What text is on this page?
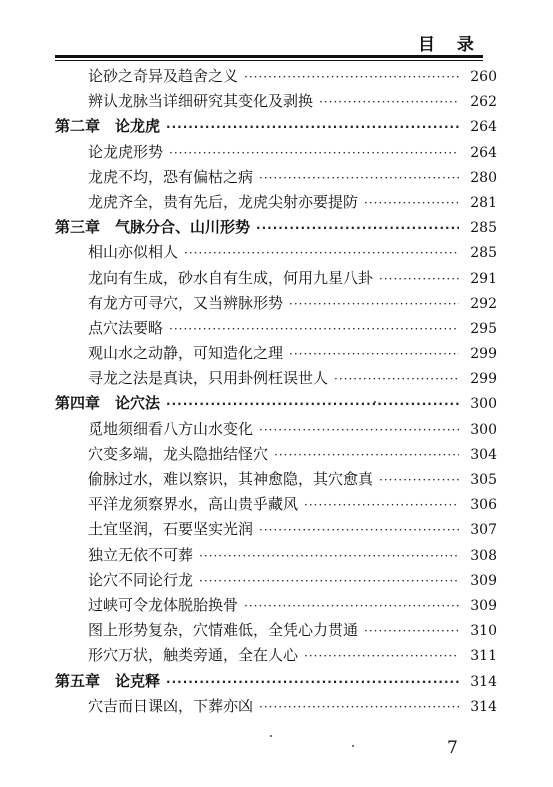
目 录
论砂之奇异及趋舍之义 ·····	260
辨认龙脉当详细研究其变化及剥换 ·····	262
第二章　论龙虎 ·····	264
论龙虎形势 ·····	264
龙虎不均，恐有偏枯之病 ·····	280
龙虎齐全，贵有先后，龙虎尖射亦要提防 ·····	281
第三章　气脉分合、山川形势 ·····	285
相山亦似相人 ·····	285
龙向有生成，砂水自有生成，何用九星八卦 ·····	291
有龙方可寻穴，又当辨脉形势 ·····	292
点穴法要略 ·····	295
观山水之动静，可知造化之理 ·····	299
寻龙之法是真诀，只用卦例枉误世人 ·····	299
第四章　论穴法 ·····	300
觅地须细看八方山水变化 ·····	300
穴变多端，龙头隐拙结怪穴 ·····	304
偷脉过水，难以察识，其神愈隐，其穴愈真 ·····	305
平洋龙须察界水，高山贵乎藏风 ·····	306
土宜坚润，石要坚实光润 ·····	307
独立无依不可葬 ·····	308
论穴不同论行龙 ·····	309
过峡可令龙体脱胎换骨 ·····	309
图上形势复杂，穴情难低，全凭心力贯通 ·····	310
形穴万状，触类旁通，全在人心 ·····	311
第五章　论克释 ·····	314
穴吉而日课凶，下葬亦凶 ·····	314
7
